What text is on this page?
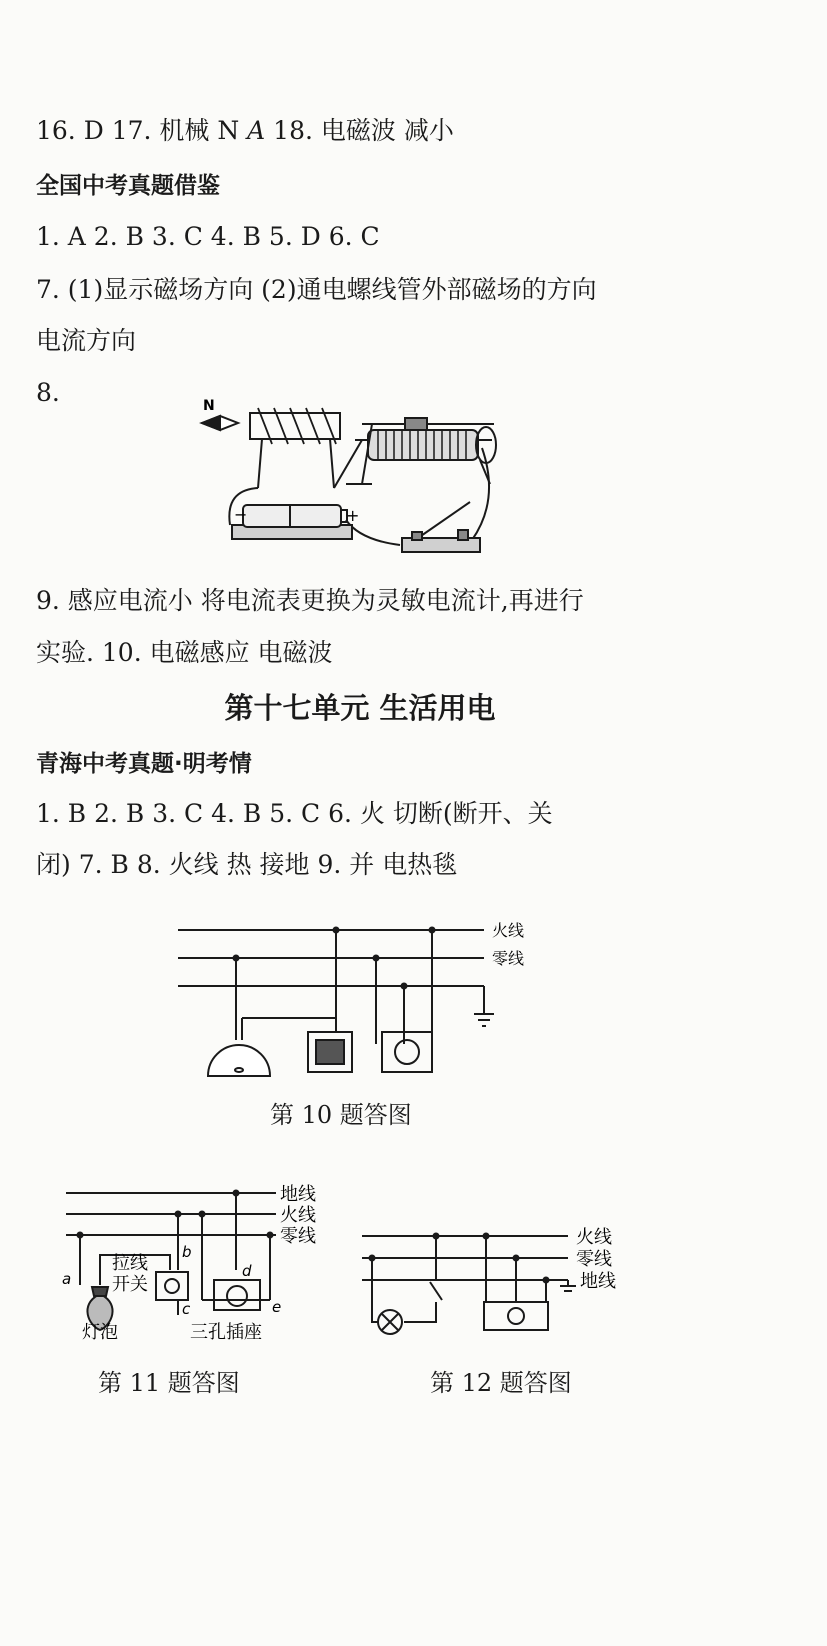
16. D 17. 机械 N A 18. 电磁波 减小
全国中考真题借鉴
1. A 2. B 3. C 4. B 5. D 6. C
7. (1)显示磁场方向 (2)通电螺线管外部磁场的方向
电流方向
8.	N
−	+
9. 感应电流小 将电流表更换为灵敏电流计,再进行
实验. 10. 电磁感应 电磁波
第十七单元 生活用电
青海中考真题·明考情
1. B 2. B 3. C 4. B 5. C 6. 火 切断(断开、关
闭) 7. B 8. 火线 热 接地 9. 并 电热毯
火线
零线
第 10 题答图
地线
火线
零线
拉线
开关
灯泡	三孔插座
a
b
c
d
e
第 11 题答图
火线
零线
地线
第 12 题答图
